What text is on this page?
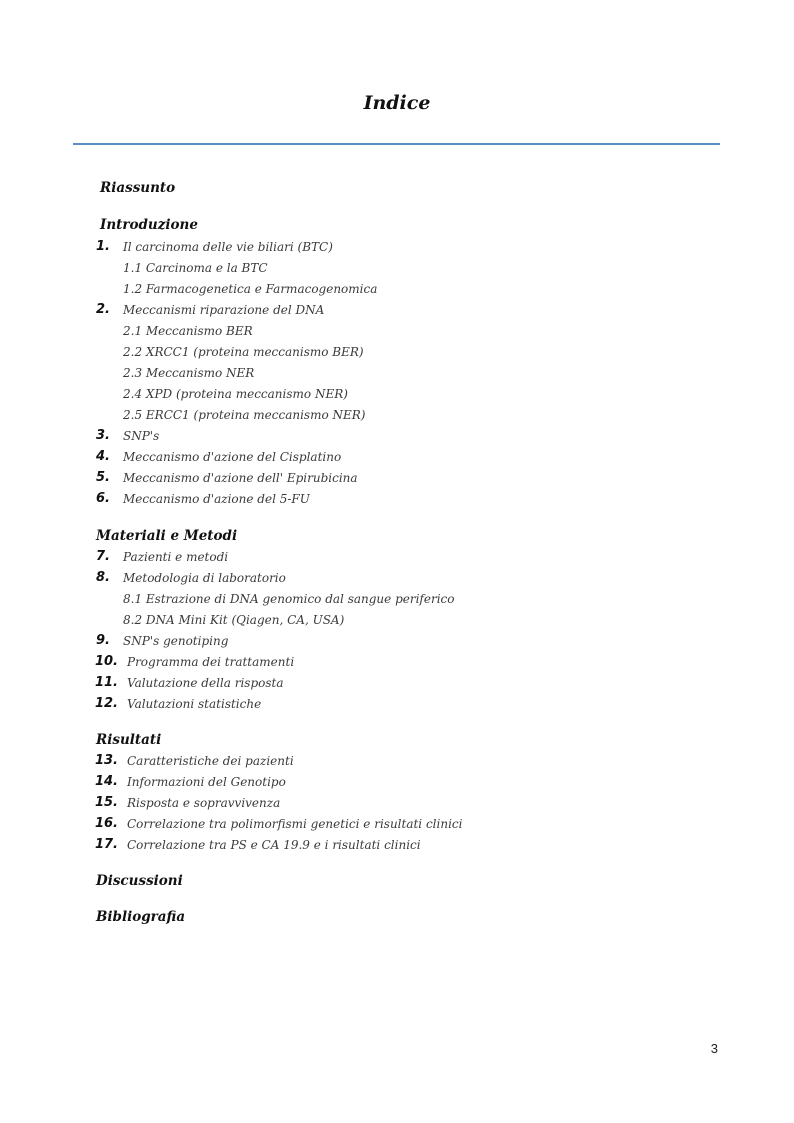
Indice
Riassunto
Introduzione
1. Il carcinoma delle vie biliari (BTC)
1.1 Carcinoma e la BTC
1.2 Farmacogenetica e Farmacogenomica
2. Meccanismi riparazione del DNA
2.1 Meccanismo BER
2.2 XRCC1 (proteina meccanismo BER)
2.3 Meccanismo NER
2.4 XPD (proteina meccanismo NER)
2.5 ERCC1 (proteina meccanismo NER)
3. SNP's
4. Meccanismo d'azione del Cisplatino
5. Meccanismo d'azione dell' Epirubicina
6. Meccanismo d'azione del 5-FU
Materiali e Metodi
7. Pazienti e metodi
8. Metodologia di laboratorio
8.1 Estrazione di DNA genomico dal sangue periferico
8.2 DNA Mini Kit (Qiagen, CA, USA)
9. SNP's genotiping
10. Programma dei trattamenti
11. Valutazione della risposta
12. Valutazioni statistiche
Risultati
13. Caratteristiche dei pazienti
14. Informazioni del Genotipo
15. Risposta e sopravvivenza
16. Correlazione tra polimorfismi genetici e risultati clinici
17. Correlazione tra PS e CA 19.9 e i risultati clinici
Discussioni
Bibliografia
3
